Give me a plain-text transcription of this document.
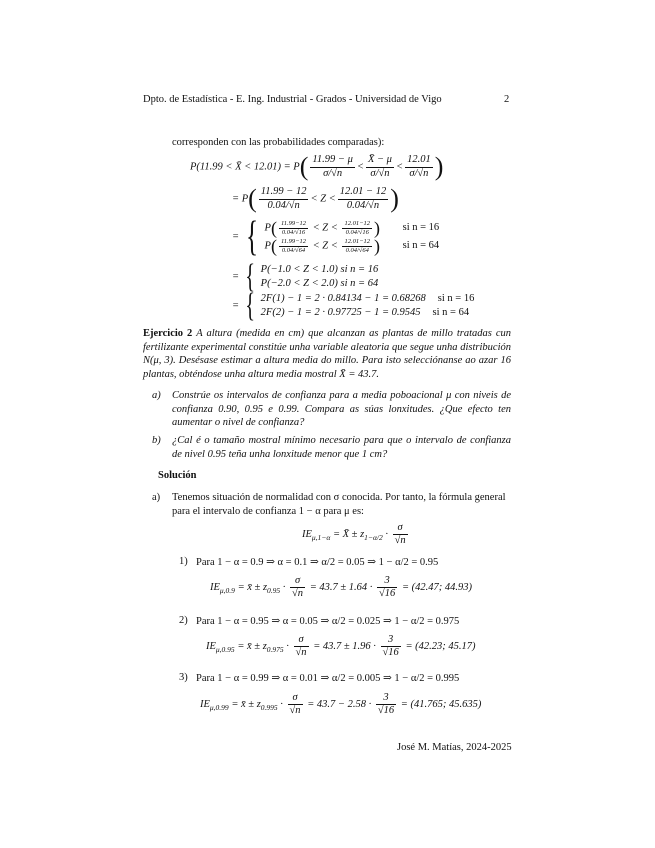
Dpto. de Estadística - E. Ing. Industrial - Grados - Universidad de Vigo	2
corresponden con las probabilidades comparadas):
P(11.99 < X̄ < $12.01) = P( \frac{11.99 - \mu}{\sigma/√n} < \frac{X̄ - \mu}{\sigma/√n} < \frac{12.01}{\sigma/√n}$ )
= $P( \frac{11.99 - 12}{0.04/√n} < Z < \frac{12.01 - 12}{0.04/√n}$ )
= { $P( \frac{11.99-12}{0.04/√16} < Z < \frac{12.01-12}{0.04/√16}$ ) si n = 16
$P( \frac{11.99-12}{0.04/√64} < Z < \frac{12.01-12}{0.04/√64}$ ) si n = 64
= { P(−1.0 < Z < 1.0) si n = 16
P(−2.0 < Z < 2.0) si n = 64
= { 2F(1) − 1 = 2 · 0.84134 − 1 = 0.68268 si n = 16
2F(2) − 1 = 2 · 0.97725 − 1 = 0.9545 si n = 64
Ejercicio 2 A altura (medida en cm) que alcanzan as plantas de millo tratadas cun fertilizante experimental constitúe unha variable aleatoria que segue unha distribución N(μ, 3). Desésase estimar a altura media do millo. Para isto selecciónanse ao azar 16 plantas, obténdose unha altura media mostral X̄ = 43.7.
a) Constrúe os intervalos de confianza para a media poboacional μ con niveis de confianza 0.90, 0.95 e 0.99. Compara as súas lonxitudes. ¿Que efecto ten aumentar o nivel de confianza?
b) ¿Cal é o tamaño mostral mínimo necesario para que o intervalo de confianza de nivel 0.95 teña unha lonxitude menor que 1 cm?
Solución
a) Tenemos situación de normalidad con σ conocida. Por tanto, la fórmula general
para el intervalo de confianza 1 − α para μ es:
$IE_{\mu,1-\alpha}$ = X̄ ± $z_{1-\alpha/2} \cdot \frac{\sigma}{√n}$
1) Para 1 − α = 0.9 ⇒ α = 0.1 ⇒ α/2 = 0.05 ⇒ 1 − α/2 = 0.95
$IE_{\mu,0.9}$ = x̄ ± $z_{0.95} \cdot \frac{\sigma}{√n} = 43.7 \pm 1.64 \cdot \frac{3}{√16} = (42.47$; 44.93)
2) Para 1 − α = 0.95 ⇒ α = 0.05 ⇒ α/2 = 0.025 ⇒ 1 − α/2 = 0.975
$IE_{\mu,0.95}$ = x̄ ± $z_{0.975} \cdot \frac{\sigma}{√n} = 43.7 \pm 1.96 \cdot \frac{3}{√16} = (42.23$; 45.17)
3) Para 1 − α = 0.99 ⇒ α = 0.01 ⇒ α/2 = 0.005 ⇒ 1 − α/2 = 0.995
$IE_{\mu,0.99}$ = x̄ ± $z_{0.995} \cdot \frac{\sigma}{√n} = 43.7 - 2.58 \cdot \frac{3}{√16} = (41.765$; 45.635)
José M. Matías, 2024-2025
